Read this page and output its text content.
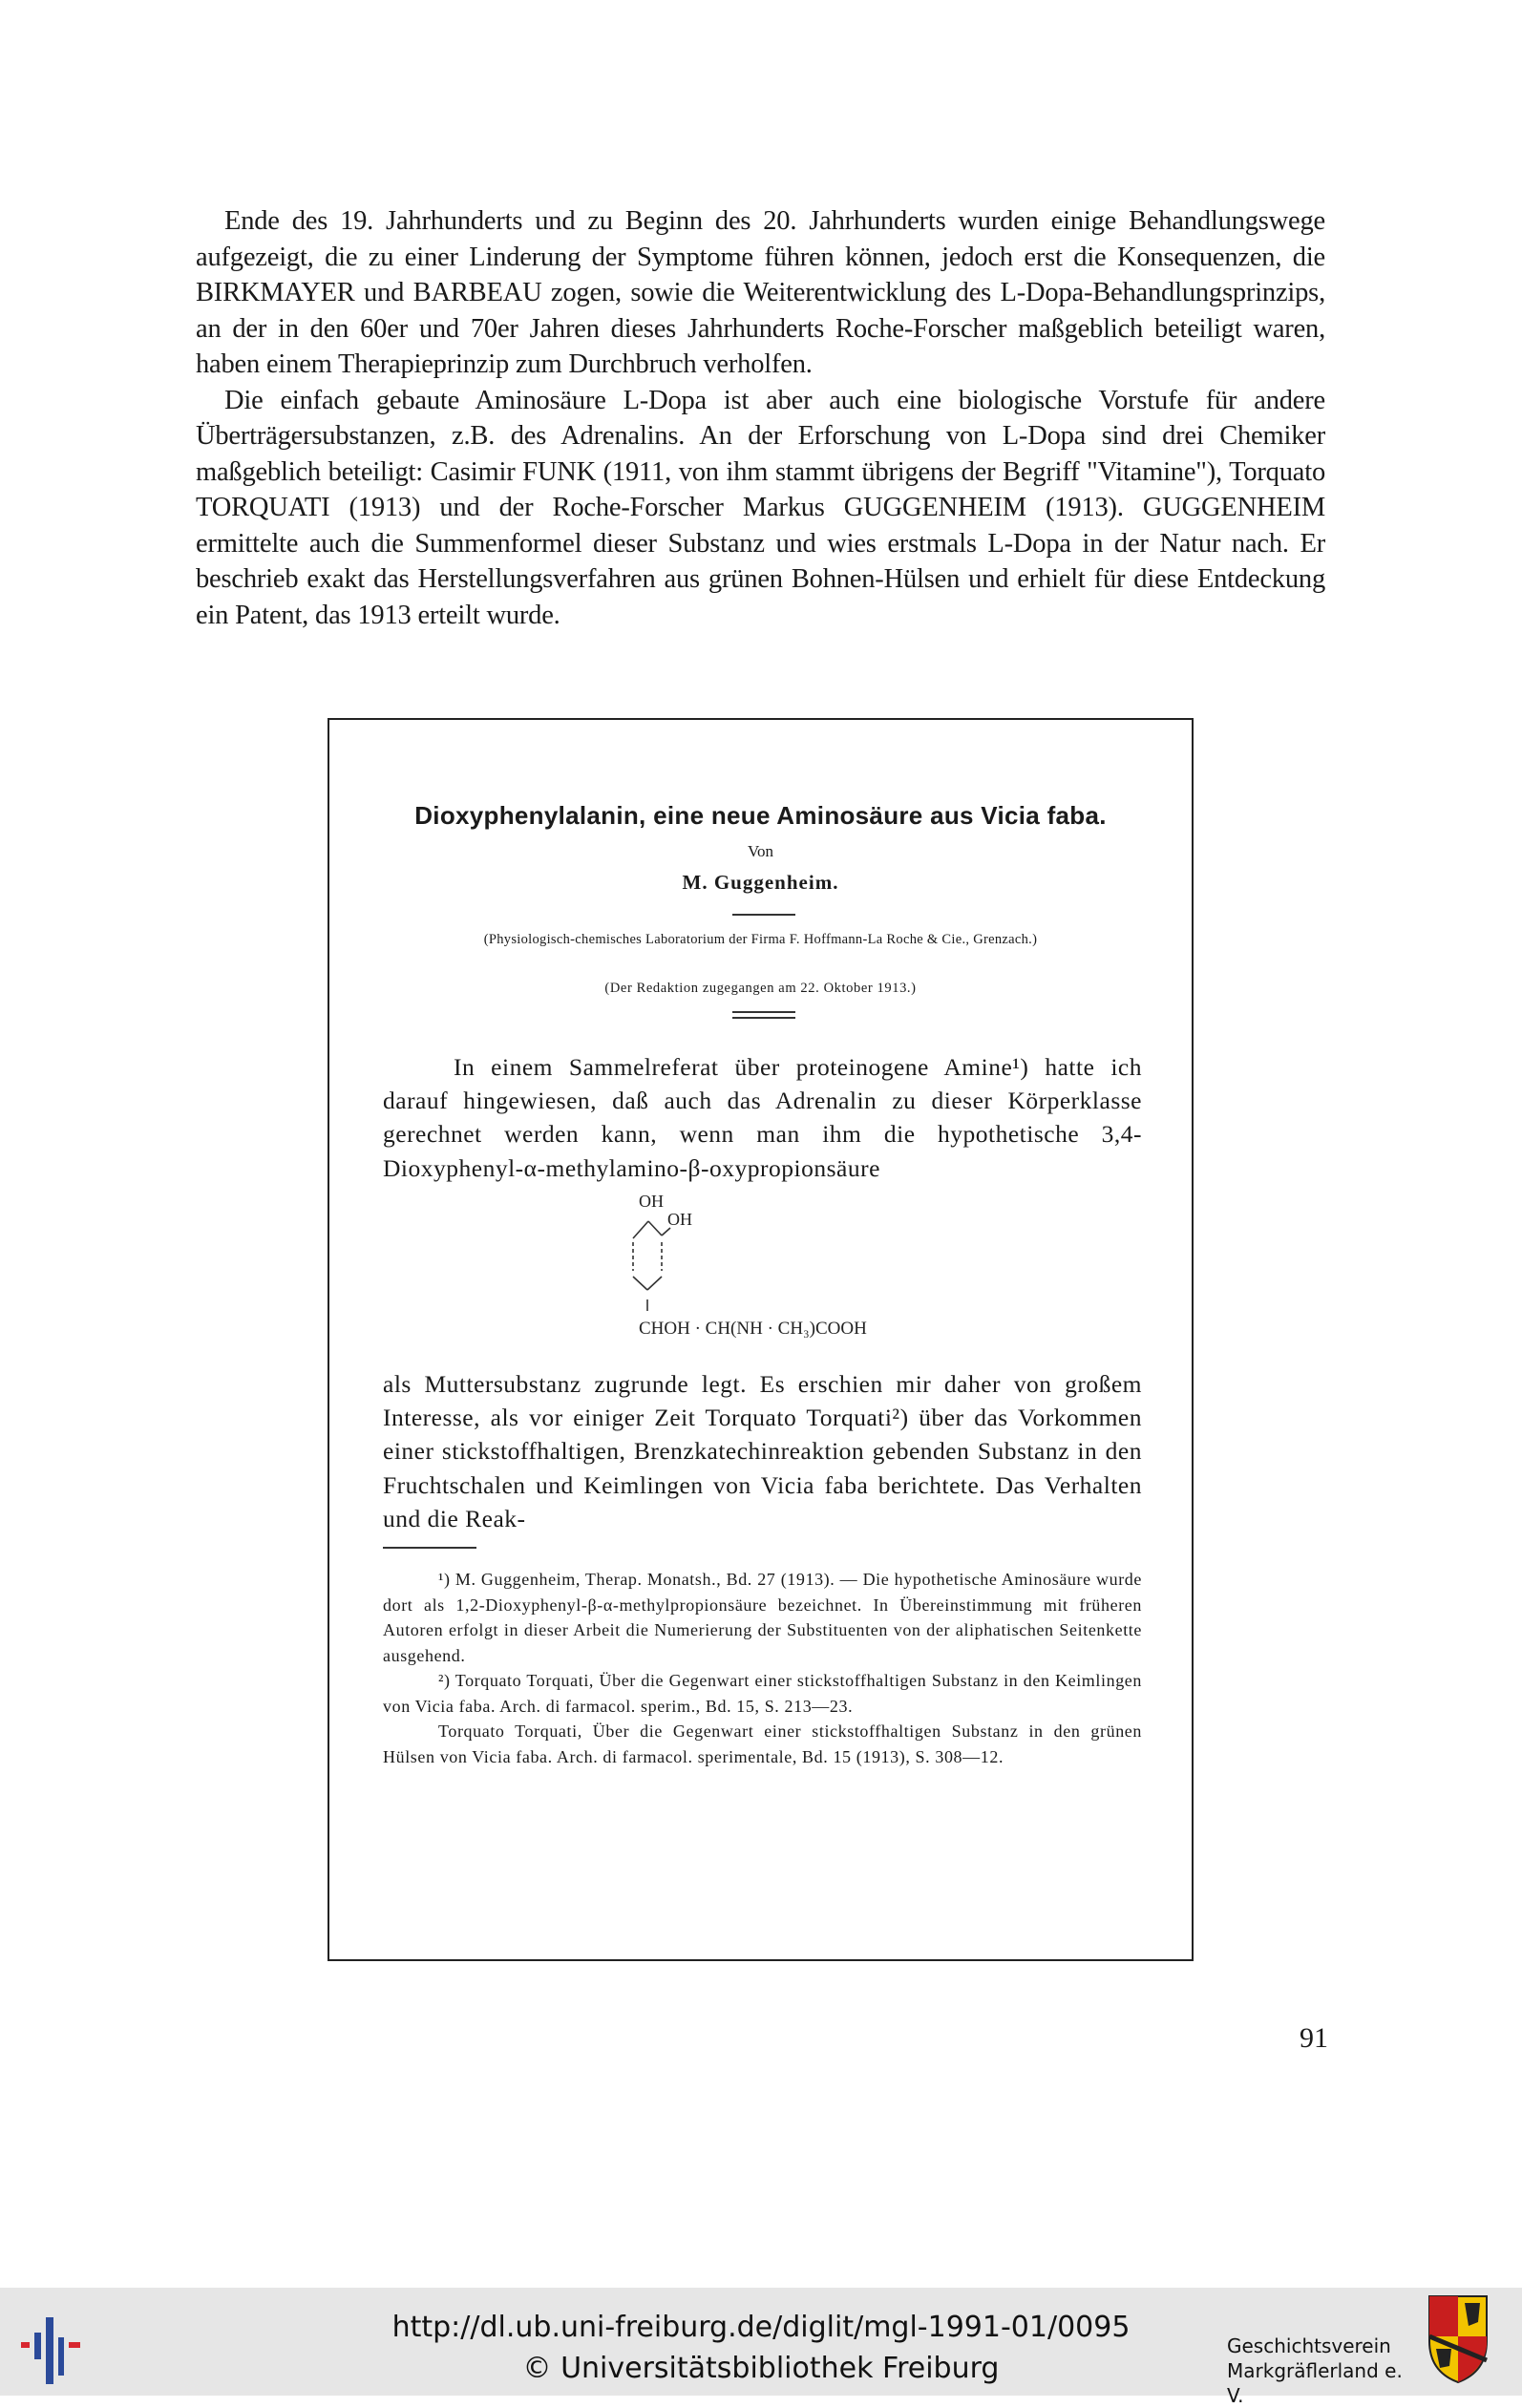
Ende des 19. Jahrhunderts und zu Beginn des 20. Jahrhunderts wurden einige Behandlungswege aufgezeigt, die zu einer Linderung der Symptome führen können, jedoch erst die Konsequenzen, die BIRKMAYER und BARBEAU zogen, sowie die Weiterentwicklung des L-Dopa-Behandlungsprinzips, an der in den 60er und 70er Jahren dieses Jahrhunderts Roche-Forscher maßgeblich beteiligt waren, haben einem Therapieprinzip zum Durchbruch verholfen.

Die einfach gebaute Aminosäure L-Dopa ist aber auch eine biologische Vorstufe für andere Überträgersubstanzen, z.B. des Adrenalins. An der Erforschung von L-Dopa sind drei Chemiker maßgeblich beteiligt: Casimir FUNK (1911, von ihm stammt übrigens der Begriff "Vitamine"), Torquato TORQUATI (1913) und der Roche-Forscher Markus GUGGENHEIM (1913). GUGGENHEIM ermittelte auch die Summenformel dieser Substanz und wies erstmals L-Dopa in der Natur nach. Er beschrieb exakt das Herstellungsverfahren aus grünen Bohnen-Hülsen und erhielt für diese Entdeckung ein Patent, das 1913 erteilt wurde.

Dioxyphenylalanin, eine neue Aminosäure aus Vicia faba.
Von
M. Guggenheim.
(Physiologisch-chemisches Laboratorium der Firma F. Hoffmann-La Roche & Cie., Grenzach.)
(Der Redaktion zugegangen am 22. Oktober 1913.)

In einem Sammelreferat über proteinogene Amine¹) hatte ich darauf hingewiesen, daß auch das Adrenalin zu dieser Körperklasse gerechnet werden kann, wenn man ihm die hypothetische 3,4-Dioxyphenyl-α-methylamino-β-oxypropionsäure

OH
OH
CHOH · CH(NH · CH₃)COOH

als Muttersubstanz zugrunde legt. Es erschien mir daher von großem Interesse, als vor einiger Zeit Torquato Torquati²) über das Vorkommen einer stickstoffhaltigen, Brenzkatechinreaktion gebenden Substanz in den Fruchtschalen und Keimlingen von Vicia faba berichtete. Das Verhalten und die Reak-

¹) M. Guggenheim, Therap. Monatsh., Bd. 27 (1913). — Die hypothetische Aminosäure wurde dort als 1,2-Dioxyphenyl-β-α-methylpropionsäure bezeichnet. In Übereinstimmung mit früheren Autoren erfolgt in dieser Arbeit die Numerierung der Substituenten von der aliphatischen Seitenkette ausgehend.

²) Torquato Torquati, Über die Gegenwart einer stickstoffhaltigen Substanz in den Keimlingen von Vicia faba. Arch. di farmacol. sperim., Bd. 15, S. 213—23.

Torquato Torquati, Über die Gegenwart einer stickstoffhaltigen Substanz in den grünen Hülsen von Vicia faba. Arch. di farmacol. sperimentale, Bd. 15 (1913), S. 308—12.

91
http://dl.ub.uni-freiburg.de/diglit/mgl-1991-01/0095
© Universitätsbibliothek Freiburg
Geschichtsverein
Markgräflerland e. V.
